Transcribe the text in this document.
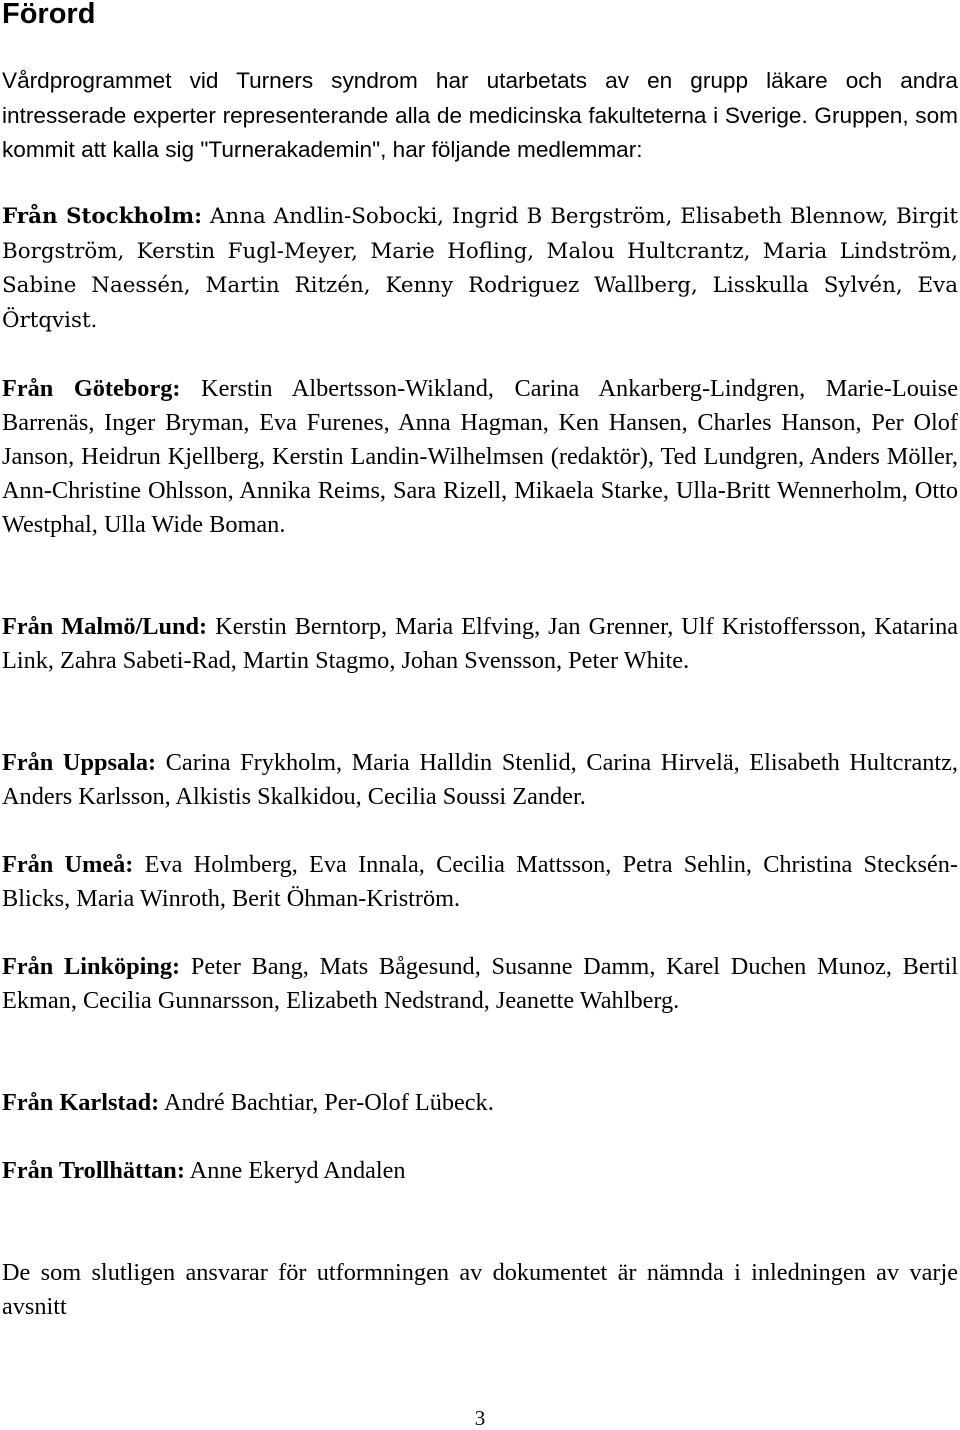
Förord

Vårdprogrammet vid Turners syndrom har utarbetats av en grupp läkare och andra intresserade experter representerande alla de medicinska fakulteterna i Sverige. Gruppen, som kommit att kalla sig "Turnerakademin", har följande medlemmar:

Från Stockholm: Anna Andlin-Sobocki, Ingrid B Bergström, Elisabeth Blennow, Birgit Borgström, Kerstin Fugl-Meyer, Marie Hofling, Malou Hultcrantz, Maria Lindström, Sabine Naessén, Martin Ritzén, Kenny Rodriguez Wallberg, Lisskulla Sylvén, Eva Örtqvist.

Från Göteborg: Kerstin Albertsson-Wikland, Carina Ankarberg-Lindgren, Marie-Louise Barrenäs, Inger Bryman, Eva Furenes, Anna Hagman, Ken Hansen, Charles Hanson, Per Olof Janson, Heidrun Kjellberg, Kerstin Landin-Wilhelmsen (redaktör), Ted Lundgren, Anders Möller, Ann-Christine Ohlsson, Annika Reims, Sara Rizell, Mikaela Starke, Ulla-Britt Wennerholm, Otto Westphal, Ulla Wide Boman.

Från Malmö/Lund: Kerstin Berntorp, Maria Elfving, Jan Grenner, Ulf Kristoffersson, Katarina Link, Zahra Sabeti-Rad, Martin Stagmo, Johan Svensson, Peter White.

Från Uppsala: Carina Frykholm, Maria Halldin Stenlid, Carina Hirvelä, Elisabeth Hultcrantz, Anders Karlsson, Alkistis Skalkidou, Cecilia Soussi Zander.

Från Umeå: Eva Holmberg, Eva Innala, Cecilia Mattsson, Petra Sehlin, Christina Stecksén-Blicks, Maria Winroth, Berit Öhman-Kriström.

Från Linköping: Peter Bang, Mats Bågesund, Susanne Damm, Karel Duchen Munoz, Bertil Ekman, Cecilia Gunnarsson, Elizabeth Nedstrand, Jeanette Wahlberg.

Från Karlstad: André Bachtiar, Per-Olof Lübeck.

Från Trollhättan: Anne Ekeryd Andalen

De som slutligen ansvarar för utformningen av dokumentet är nämnda i inledningen av varje avsnitt

3
